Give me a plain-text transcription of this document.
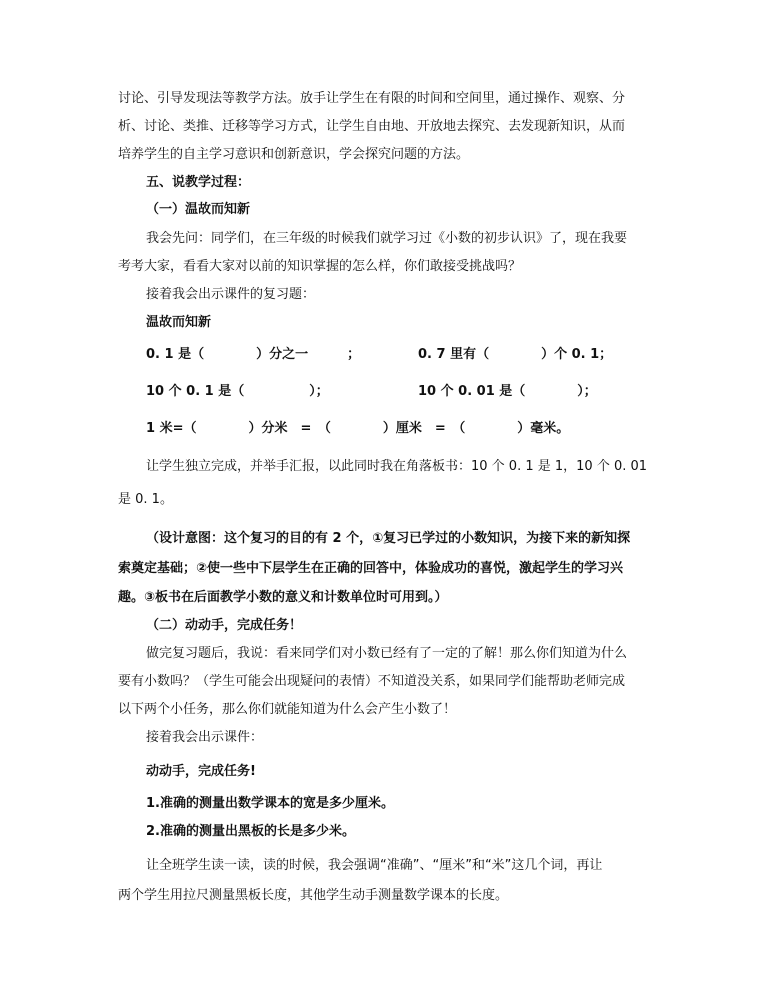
讨论、引导发现法等教学方法。放手让学生在有限的时间和空间里，通过操作、观察、分

析、讨论、类推、迁移等学习方式，让学生自由地、开放地去探究、去发现新知识，从而

培养学生的自主学习意识和创新意识，学会探究问题的方法。

五、说教学过程：

（一）温故而知新

我会先问：同学们，在三年级的时候我们就学习过《小数的初步认识》了，现在我要

考考大家，看看大家对以前的知识掌握的怎么样，你们敢接受挑战吗？

接着我会出示课件的复习题：

温故而知新

0. 1 是（　　　　）分之一　　　；	0. 7 里有（　　　　）个 0. 1；
10 个 0. 1 是（　　　　　）；	10 个 0. 01 是（　　　　）；
1 米=（　　　　）分米　=　（　　　　）厘米　=　（　　　　）毫米。

让学生独立完成，并举手汇报，以此同时我在角落板书：10 个 0. 1 是 1，10 个 0. 01

是 0. 1。

（设计意图：这个复习的目的有 2 个，①复习已学过的小数知识，为接下来的新知探

索奠定基础；②使一些中下层学生在正确的回答中，体验成功的喜悦，激起学生的学习兴

趣。③板书在后面教学小数的意义和计数单位时可用到。）

（二）动动手，完成任务！

做完复习题后，我说：看来同学们对小数已经有了一定的了解！那么你们知道为什么

要有小数吗？（学生可能会出现疑问的表情）不知道没关系，如果同学们能帮助老师完成

以下两个小任务，那么你们就能知道为什么会产生小数了！

接着我会出示课件：

动动手，完成任务!

1.准确的测量出数学课本的宽是多少厘米。

2.准确的测量出黑板的长是多少米。

让全班学生读一读，读的时候，我会强调“准确”、“厘米”和“米”这几个词，再让

两个学生用拉尺测量黑板长度，其他学生动手测量数学课本的长度。
